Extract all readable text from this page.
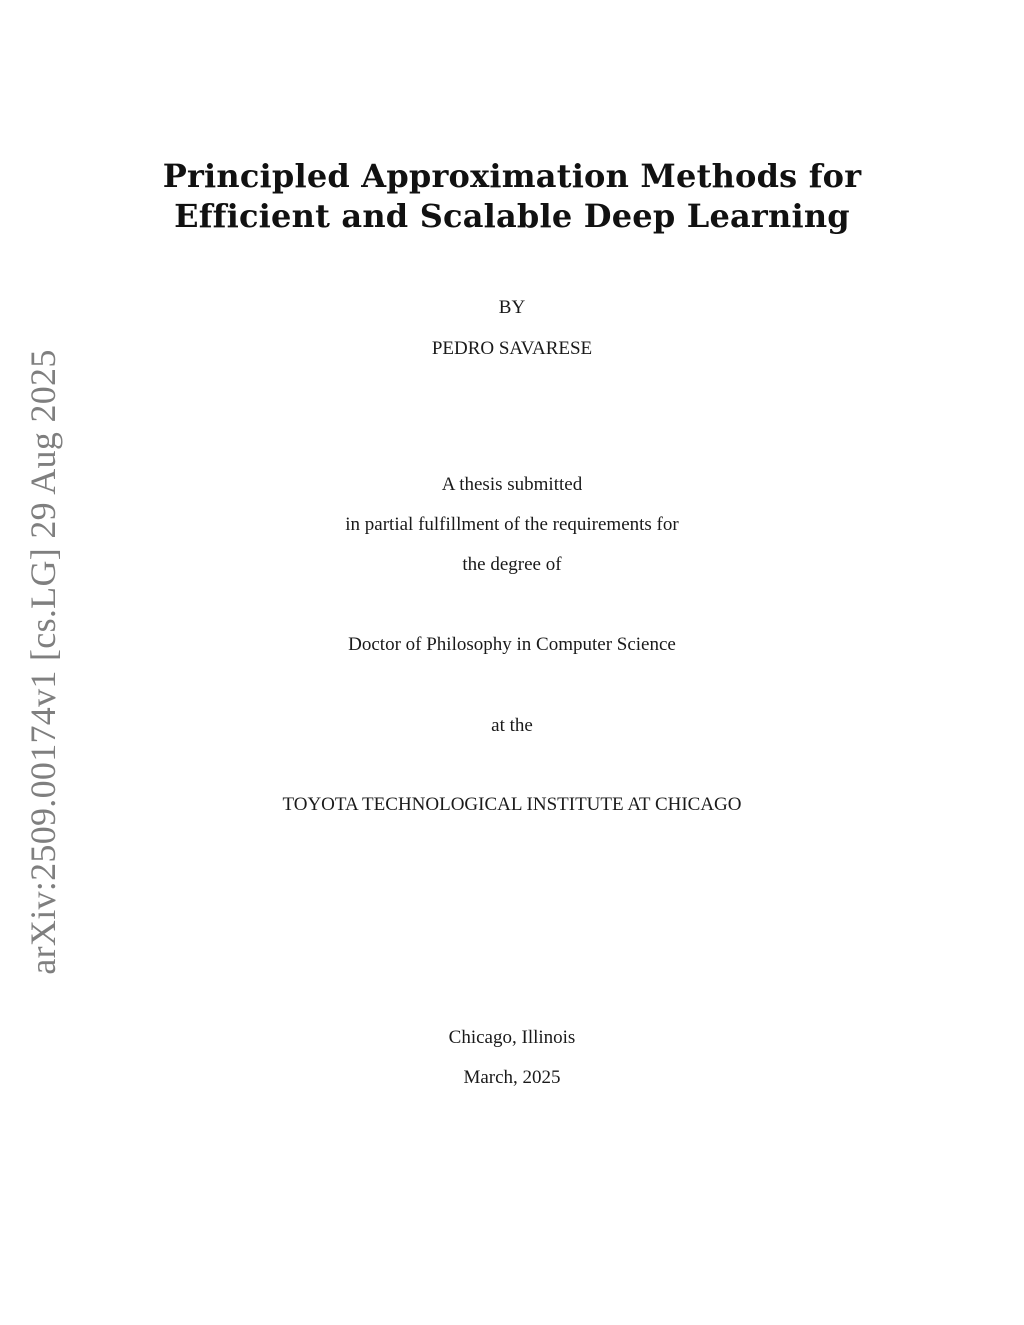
arXiv:2509.00174v1 [cs.LG] 29 Aug 2025
Principled Approximation Methods for
Efficient and Scalable Deep Learning
BY
PEDRO SAVARESE
A thesis submitted
in partial fulfillment of the requirements for
the degree of
Doctor of Philosophy in Computer Science
at the
TOYOTA TECHNOLOGICAL INSTITUTE AT CHICAGO
Chicago, Illinois
March, 2025
